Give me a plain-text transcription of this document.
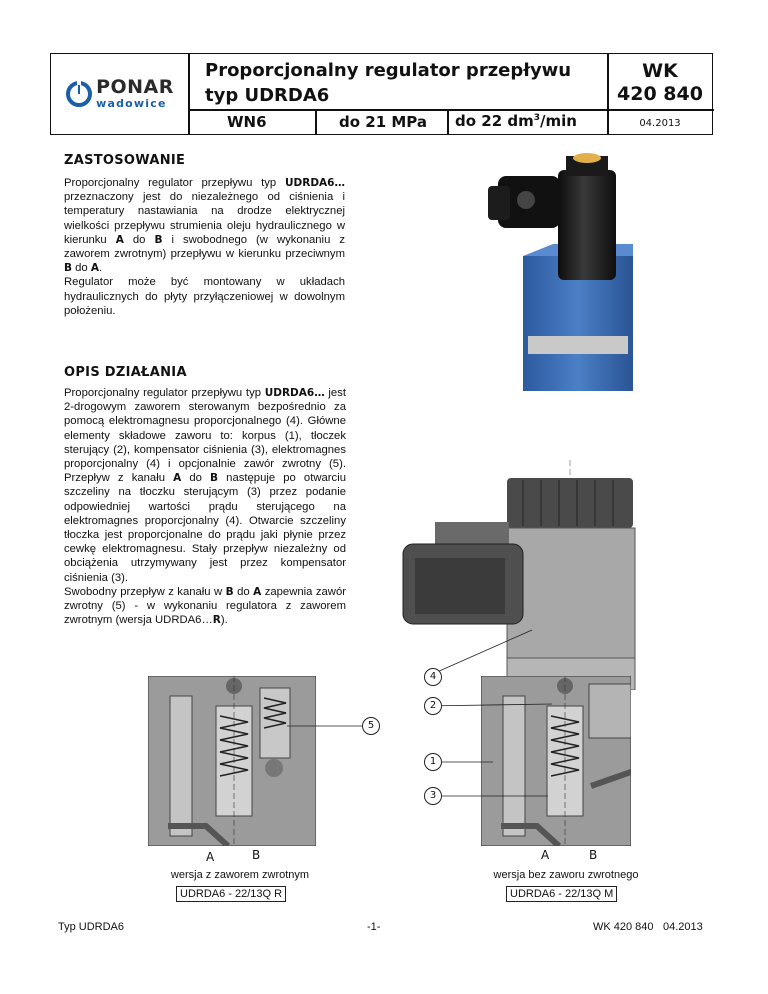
PONAR
wadowice
Proporcjonalny regulator przepływu
typ UDRDA6
WN6	do 21 MPa do 22 $dm^3/\min$
WK
420 840
04.2013
ZASTOSOWANIE
Proporcjonalny regulator przepływu typ UDRDA6… przeznaczony jest do niezależnego od ciśnienia i temperatury nastawiania na drodze elektrycznej wielkości przepływu strumienia oleju hydraulicznego w kierunku A do B i swobodnego (w wykonaniu z zaworem zwrotnym) przepływu w kierunku przeciwnym B do A.
Regulator może być montowany w układach hydraulicznych do płyty przyłączeniowej w dowolnym położeniu.
OPIS DZIAŁANIA
Proporcjonalny regulator przepływu typ UDRDA6… jest 2-drogowym zaworem sterowanym bezpośrednio za pomocą elektromagnesu proporcjonalnego (4). Główne elementy składowe zaworu to: korpus (1), tłoczek sterujący (2), kompensator ciśnienia (3), elektromagnes proporcjonalny (4) i opcjonalnie zawór zwrotny (5). Przepływ z kanału A do B następuje po otwarciu szczeliny na tłoczku sterującym (3) przez podanie odpowiedniej wartości prądu sterującego na elektromagnes proporcjonalny (4). Otwarcie szczeliny tłoczka jest proporcjonalne do prądu jaki płynie przez cewkę elektromagnesu. Stały przepływ niezależny od obciążenia utrzymywany jest przez kompensator ciśnienia (3).
Swobodny przepływ z kanału w B do A zapewnia zawór zwrotny (5) - w wykonaniu regulatora z zaworem zwrotnym (wersja UDRDA6…R).
4
2
5
1
3
A	B	A	B
wersja z zaworem zwrotnym
UDRDA6 - 22/13Q R
wersja bez zaworu zwrotnego
UDRDA6 - 22/13Q M
Typ UDRDA6	-1-	WK 420 840 04.2013
